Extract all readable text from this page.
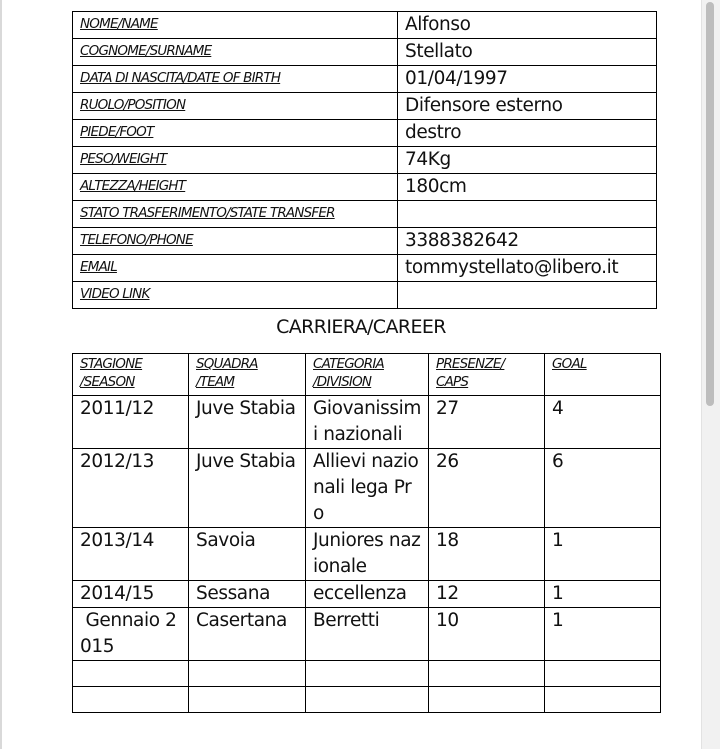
NOME/NAME	Alfonso
COGNOME/SURNAME	Stellato
DATA DI NASCITA/DATE OF BIRTH	01/04/1997
RUOLO/POSITION	Difensore esterno
PIEDE/FOOT	destro
PESO/WEIGHT	74Kg
ALTEZZA/HEIGHT	180cm
STATO TRASFERIMENTO/STATE TRANSFER	
TELEFONO/PHONE	3388382642
EMAIL	tommystellato@libero.it
VIDEO LINK	
CARRIERA/CAREER
STAGIONE /SEASON	SQUADRA /TEAM	CATEGORIA /DIVISION	PRESENZE/ CAPS	GOAL
2011/12	Juve Stabia	Giovanissimi nazionali	27	4
2012/13	Juve Stabia	Allievi nazionali lega Pro	26	6
2013/14	Savoia	Juniores nazionale	18	1
2014/15	Sessana	eccellenza	12	1
Gennaio 2015	Casertana	Berretti	10	1
